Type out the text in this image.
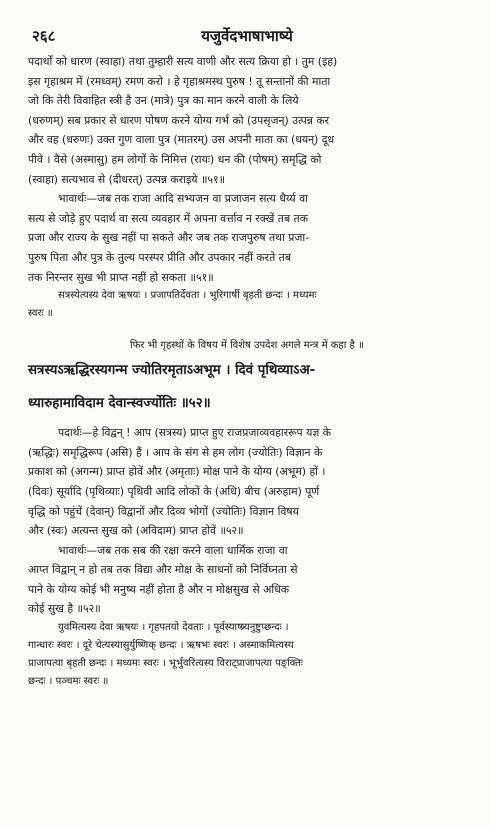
२६८	यजुर्वेदभाषाभाष्ये

पदार्थों को धारण (स्वाहा) तथा तुम्हारी सत्य वाणी और सत्य क्रिया हो । तुम (इह)

इस गृहाश्रम में (रमध्वम्) रमण करो । हे गृहाश्रमस्थ पुरुष ! तू सन्तानों की माता

जो कि तेरी विवाहित स्त्री है उन (मात्रे) पुत्र का मान करने वाली के लिये

(धरुणम्) सब प्रकार से धारण पोषण करने योग्य गर्भ को (उपसृजन्) उत्पन्न कर

और वह (धरुणः) उक्त गुण वाला पुत्र (मातरम्) उस अपनी माता का (धयन्) दूध

पीवे । वैसे (अस्मासु) हम लोगों के निमित्त (रायः) धन की (पोषम्) समृद्धि को

(स्वाहा) सत्यभाव से (दीधरत्) उत्पन्न कराइये ॥५१॥

भावार्थः—जब तक राजा आदि सभ्यजन वा प्रजाजन सत्य धैर्य्य वा

सत्य से जोड़े हुए पदार्थ वा सत्य व्यवहार में अपना वर्त्ताव न रक्खें तब तक

प्रजा और राज्य के सुख नहीं पा सकते और जब तक राजपुरुष तथा प्रजा-

पुरुष पिता और पुत्र के तुल्य परस्पर प्रीति और उपकार नहीं करते तब

तक निरन्तर सुख भी प्राप्त नहीं हो सकता ॥५१॥

सत्रस्येत्यस्य देवा ऋषयः । प्रजापतिर्देवता । भुरिगार्षी बृहती छन्दः । मध्यमः

स्वरः ॥

फिर भी गृहस्थों के विषय में विशेष उपदेश अगले मन्त्र में कहा है ॥

सत्रस्यऽऋद्धिरस्यगन्म ज्योतिरमृताऽअभूम । दिवं पृथिव्याऽअ-

ध्यारुहामाविदाम देवान्स्वर्ज्योतिः ॥५२॥

पदार्थः—हे विद्वन् ! आप (सत्रस्य) प्राप्त हुए राजप्रजाव्यवहाररूप यज्ञ के

(ऋद्धिः) समृद्धिरूप (असि) हैं । आप के संग से हम लोग (ज्योतिः) विज्ञान के

प्रकाश को (अगन्म) प्राप्त होवें और (अमृताः) मोक्ष पाने के योग्य (अभूम) हों ।

(दिवः) सूर्यादि (पृथिव्याः) पृथिवी आदि लोकों के (अधि) बीच (अरुहाम) पूर्ण

वृद्धि को पहुंचें (देवान्) विद्वानों और दिव्य भोगों (ज्योतिः) विज्ञान विषय

और (स्वः) अत्यन्त सुख को (अविदाम) प्राप्त होवें ॥५२॥

भावार्थः—जब तक सब की रक्षा करने वाला धार्मिक राजा वा

आप्त विद्वान् न हो तब तक विद्या और मोक्ष के साधनों को निर्विघ्नता से

पाने के योग्य कोई भी मनुष्य नहीं होता है और न मोक्षसुख से अधिक

कोई सुख है ॥५२॥

युवमित्यस्य देवा ऋषयः । गृहपतयो देवताः । पूर्वस्याष्ष्र्यनुष्टुप्छन्दः ।

गान्धारः स्वरः । दूरे चेत्यस्यासुर्युष्णिक् छन्दः । ऋषभः स्वरः । अस्माकमित्यस्य

प्राजापत्या बृहती छन्दः । मध्यमः स्वरः । भूर्भुवरित्यस्य विराट्प्राजापत्या पङ्क्तिः

छन्दः । पञ्चमः स्वरः ॥
